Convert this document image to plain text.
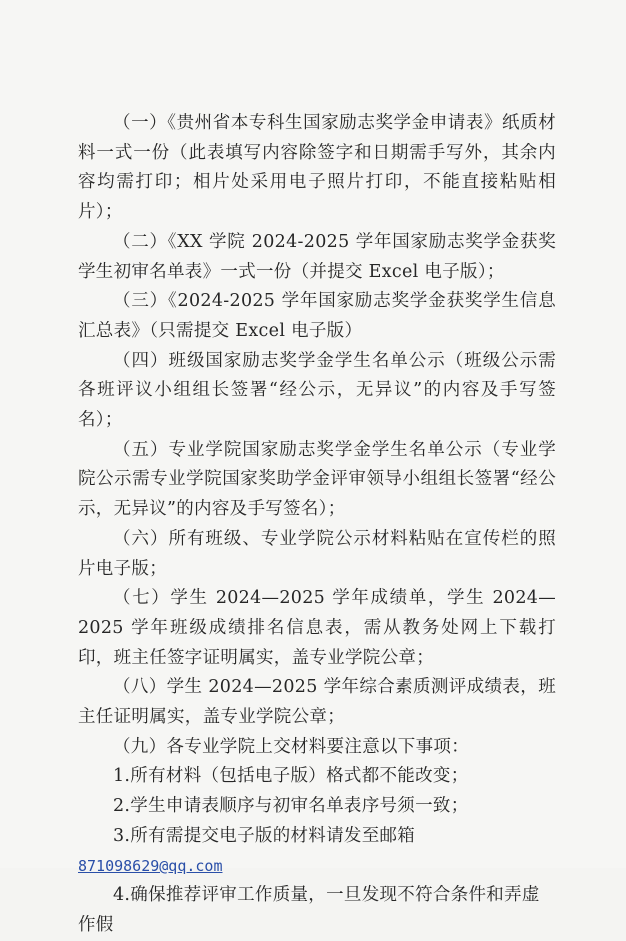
（一）《贵州省本专科生国家励志奖学金申请表》纸质材料一式一份（此表填写内容除签字和日期需手写外，其余内容均需打印；相片处采用电子照片打印，不能直接粘贴相片）；

（二）《XX 学院 2024-2025 学年国家励志奖学金获奖学生初审名单表》一式一份（并提交 Excel 电子版）；

（三）《2024-2025 学年国家励志奖学金获奖学生信息汇总表》（只需提交 Excel 电子版）

（四）班级国家励志奖学金学生名单公示（班级公示需各班评议小组组长签署“经公示，无异议”的内容及手写签名）；

（五）专业学院国家励志奖学金学生名单公示（专业学院公示需专业学院国家奖助学金评审领导小组组长签署“经公示，无异议”的内容及手写签名）；

（六）所有班级、专业学院公示材料粘贴在宣传栏的照片电子版；

（七）学生 2024—2025 学年成绩单，学生 2024—2025 学年班级成绩排名信息表，需从教务处网上下载打印，班主任签字证明属实，盖专业学院公章；

（八）学生 2024—2025 学年综合素质测评成绩表，班主任证明属实，盖专业学院公章；

（九）各专业学院上交材料要注意以下事项：

1.所有材料（包括电子版）格式都不能改变；

2.学生申请表顺序与初审名单表序号须一致；

3.所有需提交电子版的材料请发至邮箱871098629@qq.com

4.确保推荐评审工作质量，一旦发现不符合条件和弄虚作假
